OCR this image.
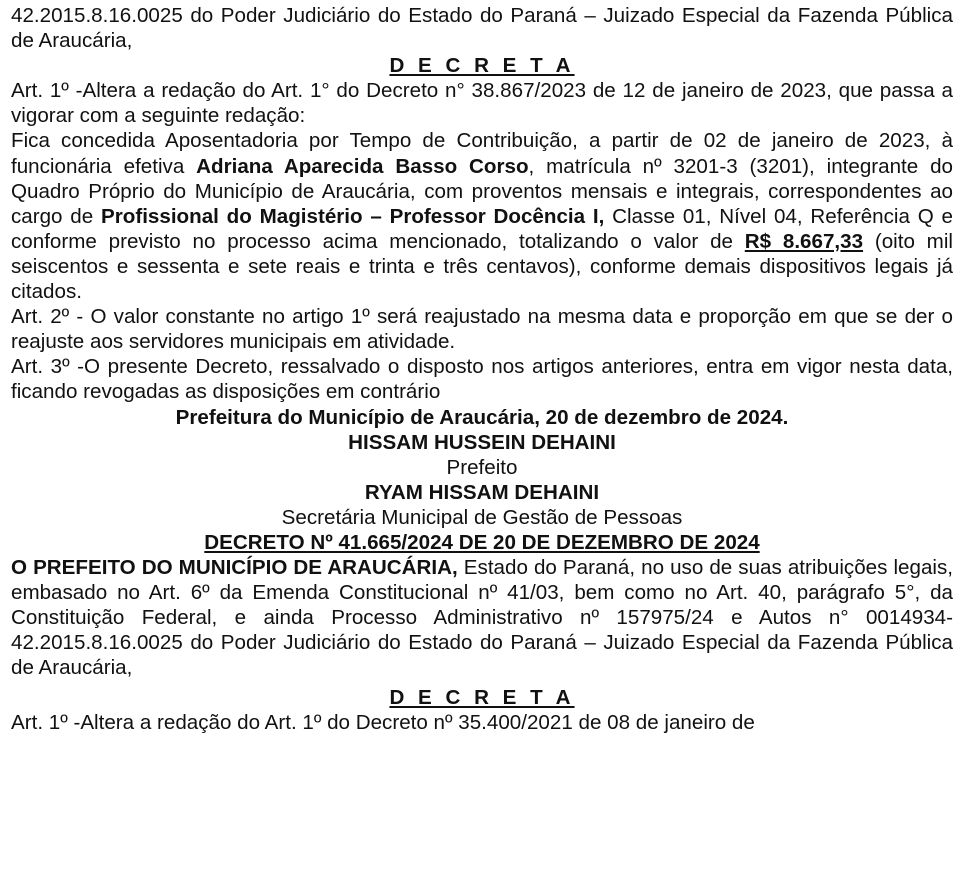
42.2015.8.16.0025 do Poder Judiciário do Estado do Paraná – Juizado Especial da Fazenda Pública de Araucária,

D E C R E T A

Art. 1º -Altera a redação do Art. 1° do Decreto n° 38.867/2023 de 12 de janeiro de 2023, que passa a vigorar com a seguinte redação:

Fica concedida Aposentadoria por Tempo de Contribuição, a partir de 02 de janeiro de 2023, à funcionária efetiva Adriana Aparecida Basso Corso, matrícula nº 3201-3 (3201), integrante do Quadro Próprio do Município de Araucária, com proventos mensais e integrais, correspondentes ao cargo de Profissional do Magistério – Professor Docência I, Classe 01, Nível 04, Referência Q e conforme previsto no processo acima mencionado, totalizando o valor de R$ 8.667,33 (oito mil seiscentos e sessenta e sete reais e trinta e três centavos), conforme demais dispositivos legais já citados.

Art. 2º - O valor constante no artigo 1º será reajustado na mesma data e proporção em que se der o reajuste aos servidores municipais em atividade.

Art. 3º -O presente Decreto, ressalvado o disposto nos artigos anteriores, entra em vigor nesta data, ficando revogadas as disposições em contrário

Prefeitura do Município de Araucária, 20 de dezembro de 2024.

HISSAM HUSSEIN DEHAINI

Prefeito

RYAM HISSAM DEHAINI

Secretária Municipal de Gestão de Pessoas

DECRETO Nº 41.665/2024 DE 20 DE DEZEMBRO DE 2024

O PREFEITO DO MUNICÍPIO DE ARAUCÁRIA, Estado do Paraná, no uso de suas atribuições legais, embasado no Art. 6º da Emenda Constitucional nº 41/03, bem como no Art. 40, parágrafo 5°, da Constituição Federal, e ainda Processo Administrativo nº 157975/24 e Autos n° 0014934-42.2015.8.16.0025 do Poder Judiciário do Estado do Paraná – Juizado Especial da Fazenda Pública de Araucária,

D E C R E T A

Art. 1º -Altera a redação do Art. 1º do Decreto nº 35.400/2021 de 08 de janeiro de
